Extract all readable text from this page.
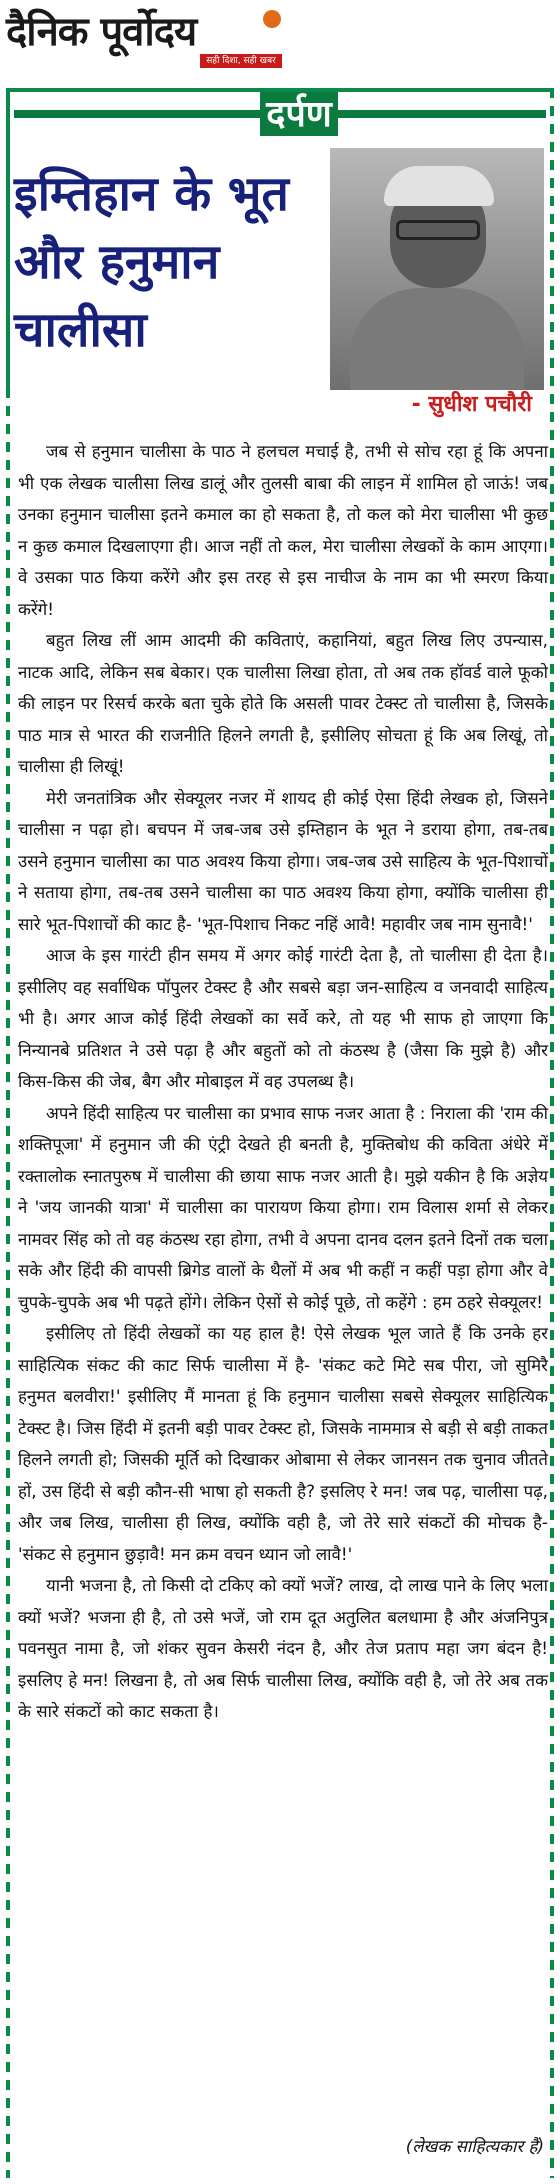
दैनिक पूर्वोदय
सही दिशा, सही खबर
दर्पण
इम्तिहान के भूत और हनुमान चालीसा
- सुधीश पचौरी

जब से हनुमान चालीसा के पाठ ने हलचल मचाई है, तभी से सोच रहा हूं कि अपना भी एक लेखक चालीसा लिख डालूं और तुलसी बाबा की लाइन में शामिल हो जाऊं! जब उनका हनुमान चालीसा इतने कमाल का हो सकता है, तो कल को मेरा चालीसा भी कुछ न कुछ कमाल दिखलाएगा ही। आज नहीं तो कल, मेरा चालीसा लेखकों के काम आएगा। वे उसका पाठ किया करेंगे और इस तरह से इस नाचीज के नाम का भी स्मरण किया करेंगे!

बहुत लिख लीं आम आदमी की कविताएं, कहानियां, बहुत लिख लिए उपन्यास, नाटक आदि, लेकिन सब बेकार। एक चालीसा लिखा होता, तो अब तक हॉवर्ड वाले फूको की लाइन पर रिसर्च करके बता चुके होते कि असली पावर टेक्स्ट तो चालीसा है, जिसके पाठ मात्र से भारत की राजनीति हिलने लगती है, इसीलिए सोचता हूं कि अब लिखूं, तो चालीसा ही लिखूं!

मेरी जनतांत्रिक और सेक्यूलर नजर में शायद ही कोई ऐसा हिंदी लेखक हो, जिसने चालीसा न पढ़ा हो। बचपन में जब-जब उसे इम्तिहान के भूत ने डराया होगा, तब-तब उसने हनुमान चालीसा का पाठ अवश्य किया होगा। जब-जब उसे साहित्य के भूत-पिशाचों ने सताया होगा, तब-तब उसने चालीसा का पाठ अवश्य किया होगा, क्योंकि चालीसा ही सारे भूत-पिशाचों की काट है- 'भूत-पिशाच निकट नहिं आवै! महावीर जब नाम सुनावै!'

आज के इस गारंटी हीन समय में अगर कोई गारंटी देता है, तो चालीसा ही देता है। इसीलिए वह सर्वाधिक पॉपुलर टेक्स्ट है और सबसे बड़ा जन-साहित्य व जनवादी साहित्य भी है। अगर आज कोई हिंदी लेखकों का सर्वे करे, तो यह भी साफ हो जाएगा कि निन्यानबे प्रतिशत ने उसे पढ़ा है और बहुतों को तो कंठस्थ है (जैसा कि मुझे है) और किस-किस की जेब, बैग और मोबाइल में वह उपलब्ध है।

अपने हिंदी साहित्य पर चालीसा का प्रभाव साफ नजर आता है : निराला की 'राम की शक्तिपूजा' में हनुमान जी की एंट्री देखते ही बनती है, मुक्तिबोध की कविता अंधेरे में रक्तालोक स्नातपुरुष में चालीसा की छाया साफ नजर आती है। मुझे यकीन है कि अज्ञेय ने 'जय जानकी यात्रा' में चालीसा का पारायण किया होगा। राम विलास शर्मा से लेकर नामवर सिंह को तो वह कंठस्थ रहा होगा, तभी वे अपना दानव दलन इतने दिनों तक चला सके और हिंदी की वापसी ब्रिगेड वालों के थैलों में अब भी कहीं न कहीं पड़ा होगा और वे चुपके-चुपके अब भी पढ़ते होंगे। लेकिन ऐसों से कोई पूछे, तो कहेंगे : हम ठहरे सेक्यूलर!

इसीलिए तो हिंदी लेखकों का यह हाल है! ऐसे लेखक भूल जाते हैं कि उनके हर साहित्यिक संकट की काट सिर्फ चालीसा में है- 'संकट कटे मिटे सब पीरा, जो सुमिरै हनुमत बलवीरा!' इसीलिए मैं मानता हूं कि हनुमान चालीसा सबसे सेक्यूलर साहित्यिक टेक्स्ट है। जिस हिंदी में इतनी बड़ी पावर टेक्स्ट हो, जिसके नाममात्र से बड़ी से बड़ी ताकत हिलने लगती हो; जिसकी मूर्ति को दिखाकर ओबामा से लेकर जानसन तक चुनाव जीतते हों, उस हिंदी से बड़ी कौन-सी भाषा हो सकती है? इसलिए रे मन! जब पढ़, चालीसा पढ़, और जब लिख, चालीसा ही लिख, क्योंकि वही है, जो तेरे सारे संकटों की मोचक है- 'संकट से हनुमान छुड़ावै! मन क्रम वचन ध्यान जो लावै!'

यानी भजना है, तो किसी दो टकिए को क्यों भजें? लाख, दो लाख पाने के लिए भला क्यों भजें? भजना ही है, तो उसे भजें, जो राम दूत अतुलित बलधामा है और अंजनिपुत्र पवनसुत नामा है, जो शंकर सुवन केसरी नंदन है, और तेज प्रताप महा जग बंदन है! इसलिए हे मन! लिखना है, तो अब सिर्फ चालीसा लिख, क्योंकि वही है, जो तेरे अब तक के सारे संकटों को काट सकता है।

(लेखक साहित्यकार हैं)
